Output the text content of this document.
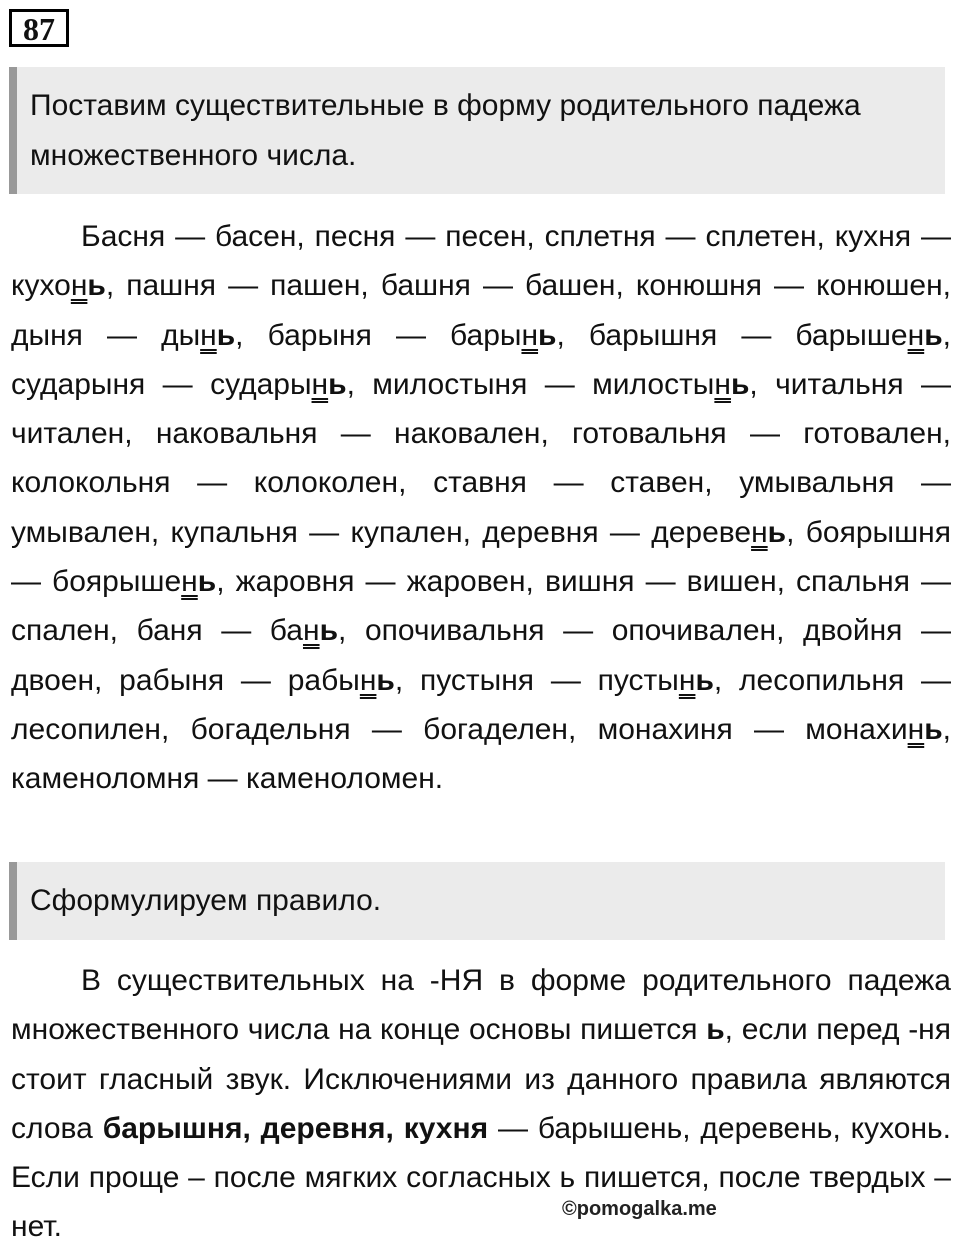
87
Поставим существительные в форму родительного падежа множественного числа.
Басня — басен, песня — песен, сплетня — сплетен, кухня — кухонь, пашня — пашен, башня — башен, конюшня — конюшен, дыня — дынь, барыня — барынь, барышня — барышень, сударыня — сударынь, милостыня — милостынь, читальня — читален, наковальня — наковален, готовальня — готовален, колокольня — колоколен, ставня — ставен, умывальня — умывален, купальня — купален, деревня — деревень, боярышня — боярышень, жаровня — жаровен, вишня — вишен, спальня — спален, баня — бань, опочивальня — опочивален, двойня — двоен, рабыня — рабынь, пустыня — пустынь, лесопильня — лесопилен, богадельня — богаделен, монахиня — монахинь, каменоломня — каменоломен.
Сформулируем правило.
В существительных на -НЯ в форме родительного падежа множественного числа на конце основы пишется ь, если перед -ня стоит гласный звук. Исключениями из данного правила являются слова барышня, деревня, кухня — барышень, деревень, кухонь. Если проще – после мягких согласных ь пишется, после твердых – нет.
©pomogalka.me
